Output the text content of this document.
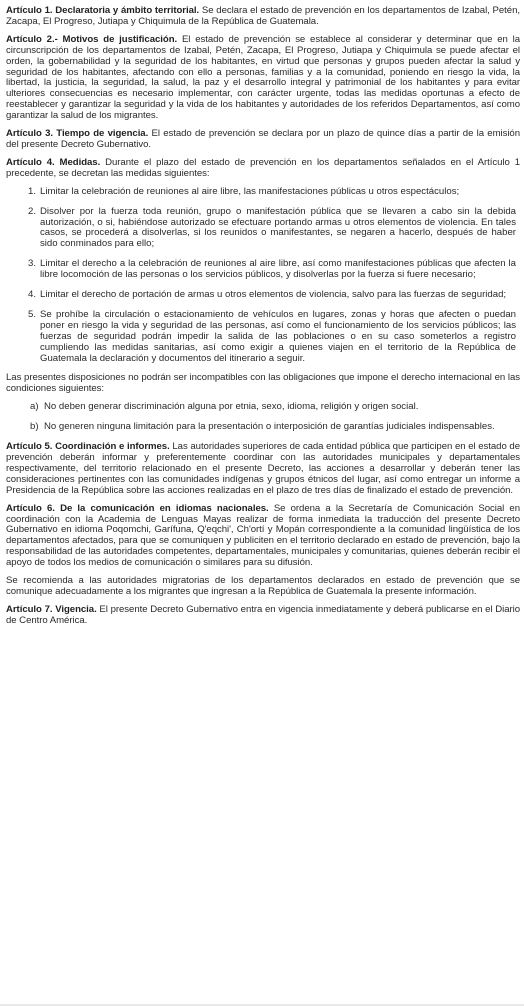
Artículo 1. Declaratoria y ámbito territorial. Se declara el estado de prevención en los departamentos de Izabal, Petén, Zacapa, El Progreso, Jutiapa y Chiquimula de la República de Guatemala.

Artículo 2.- Motivos de justificación. El estado de prevención se establece al considerar y determinar que en la circunscripción de los departamentos de Izabal, Petén, Zacapa, El Progreso, Jutiapa y Chiquimula se puede afectar el orden, la gobernabilidad y la seguridad de los habitantes, en virtud que personas y grupos pueden afectar la salud y seguridad de los habitantes, afectando con ello a personas, familias y a la comunidad, poniendo en riesgo la vida, la libertad, la justicia, la seguridad, la salud, la paz y el desarrollo integral y patrimonial de los habitantes y para evitar ulteriores consecuencias es necesario implementar, con carácter urgente, todas las medidas oportunas a efecto de reestablecer y garantizar la seguridad y la vida de los habitantes y autoridades de los referidos Departamentos, así como garantizar la salud de los migrantes.

Artículo 3. Tiempo de vigencia. El estado de prevención se declara por un plazo de quince días a partir de la emisión del presente Decreto Gubernativo.

Artículo 4. Medidas. Durante el plazo del estado de prevención en los departamentos señalados en el Artículo 1 precedente, se decretan las medidas siguientes:

1. Limitar la celebración de reuniones al aire libre, las manifestaciones públicas u otros espectáculos;
2. Disolver por la fuerza toda reunión, grupo o manifestación pública que se llevaren a cabo sin la debida autorización, o si, habiéndose autorizado se efectuare portando armas u otros elementos de violencia. En tales casos, se procederá a disolverlas, si los reunidos o manifestantes, se negaren a hacerlo, después de haber sido conminados para ello;
3. Limitar el derecho a la celebración de reuniones al aire libre, así como manifestaciones públicas que afecten la libre locomoción de las personas o los servicios públicos, y disolverlas por la fuerza si fuere necesario;
4. Limitar el derecho de portación de armas u otros elementos de violencia, salvo para las fuerzas de seguridad;
5. Se prohíbe la circulación o estacionamiento de vehículos en lugares, zonas y horas que afecten o puedan poner en riesgo la vida y seguridad de las personas, así como el funcionamiento de los servicios públicos; las fuerzas de seguridad podrán impedir la salida de las poblaciones o en su caso someterlos a registro cumpliendo las medidas sanitarias, así como exigir a quienes viajen en el territorio de la República de Guatemala la declaración y documentos del itinerario a seguir.

Las presentes disposiciones no podrán ser incompatibles con las obligaciones que impone el derecho internacional en las condiciones siguientes:

a) No deben generar discriminación alguna por etnia, sexo, idioma, religión y origen social.
b) No generen ninguna limitación para la presentación o interposición de garantías judiciales indispensables.

Artículo 5. Coordinación e informes. Las autoridades superiores de cada entidad pública que participen en el estado de prevención deberán informar y preferentemente coordinar con las autoridades municipales y departamentales respectivamente, del territorio relacionado en el presente Decreto, las acciones a desarrollar y deberán tener las consideraciones pertinentes con las comunidades indígenas y grupos étnicos del lugar, así como entregar un informe a Presidencia de la República sobre las acciones realizadas en el plazo de tres días de finalizado el estado de prevención.

Artículo 6. De la comunicación en idiomas nacionales. Se ordena a la Secretaría de Comunicación Social en coordinación con la Academia de Lenguas Mayas realizar de forma inmediata la traducción del presente Decreto Gubernativo en idioma Poqomchi, Garífuna, Q'eqchi', Ch'ortí y Mopán correspondiente a la comunidad lingüística de los departamentos afectados, para que se comuniquen y publiciten en el territorio declarado en estado de prevención, bajo la responsabilidad de las autoridades competentes, departamentales, municipales y comunitarias, quienes deberán recibir el apoyo de todos los medios de comunicación o similares para su difusión.

Se recomienda a las autoridades migratorias de los departamentos declarados en estado de prevención que se comunique adecuadamente a los migrantes que ingresan a la República de Guatemala la presente información.

Artículo 7. Vigencia. El presente Decreto Gubernativo entra en vigencia inmediatamente y deberá publicarse en el Diario de Centro América.
